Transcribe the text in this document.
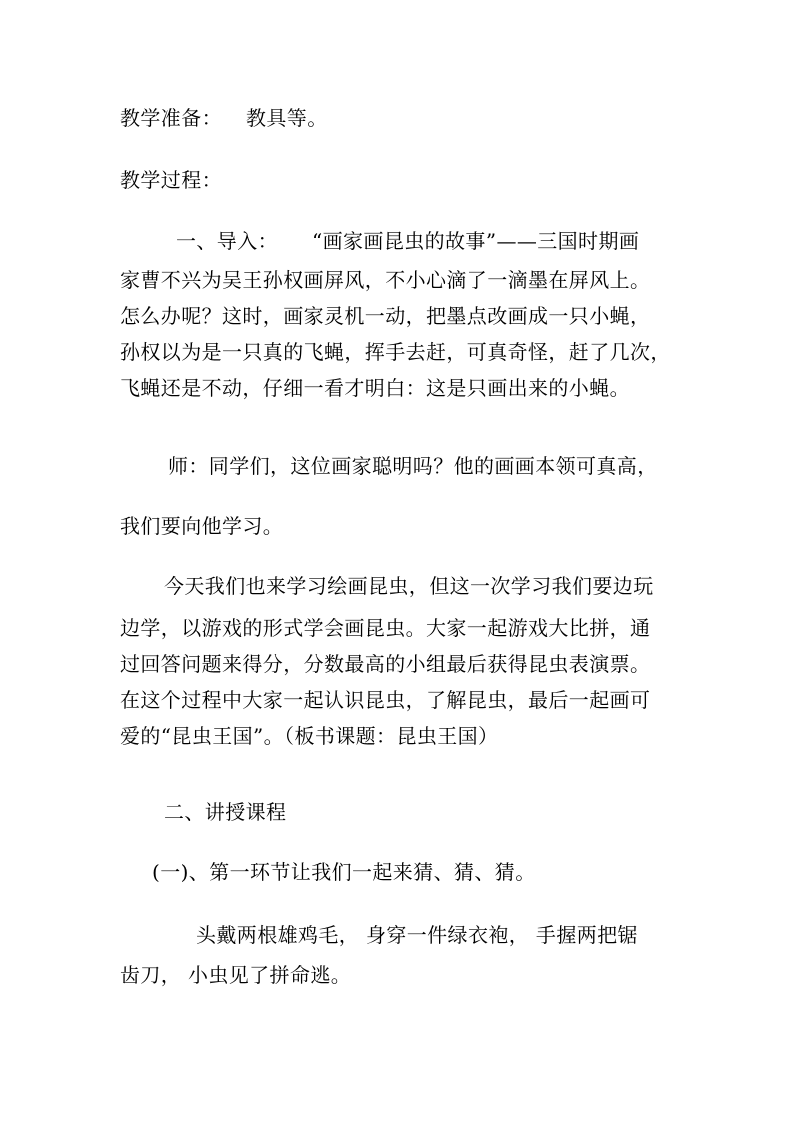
教学准备： 教具等。
教学过程：
一、导入： “画家画昆虫的故事”——三国时期画
家曹不兴为吴王孙权画屏风，不小心滴了一滴墨在屏风上。
怎么办呢？这时，画家灵机一动，把墨点改画成一只小蝇，
孙权以为是一只真的飞蝇，挥手去赶，可真奇怪，赶了几次，
飞蝇还是不动，仔细一看才明白：这是只画出来的小蝇。
师：同学们，这位画家聪明吗？他的画画本领可真高，
我们要向他学习。
今天我们也来学习绘画昆虫，但这一次学习我们要边玩
边学，以游戏的形式学会画昆虫。大家一起游戏大比拼，通
过回答问题来得分，分数最高的小组最后获得昆虫表演票。
在这个过程中大家一起认识昆虫，了解昆虫，最后一起画可
爱的“昆虫王国”。（板书课题：昆虫王国）
二、讲授课程
(一)、第一环节让我们一起来猜、猜、猜。
头戴两根雄鸡毛， 身穿一件绿衣袍， 手握两把锯
齿刀， 小虫见了拼命逃。
